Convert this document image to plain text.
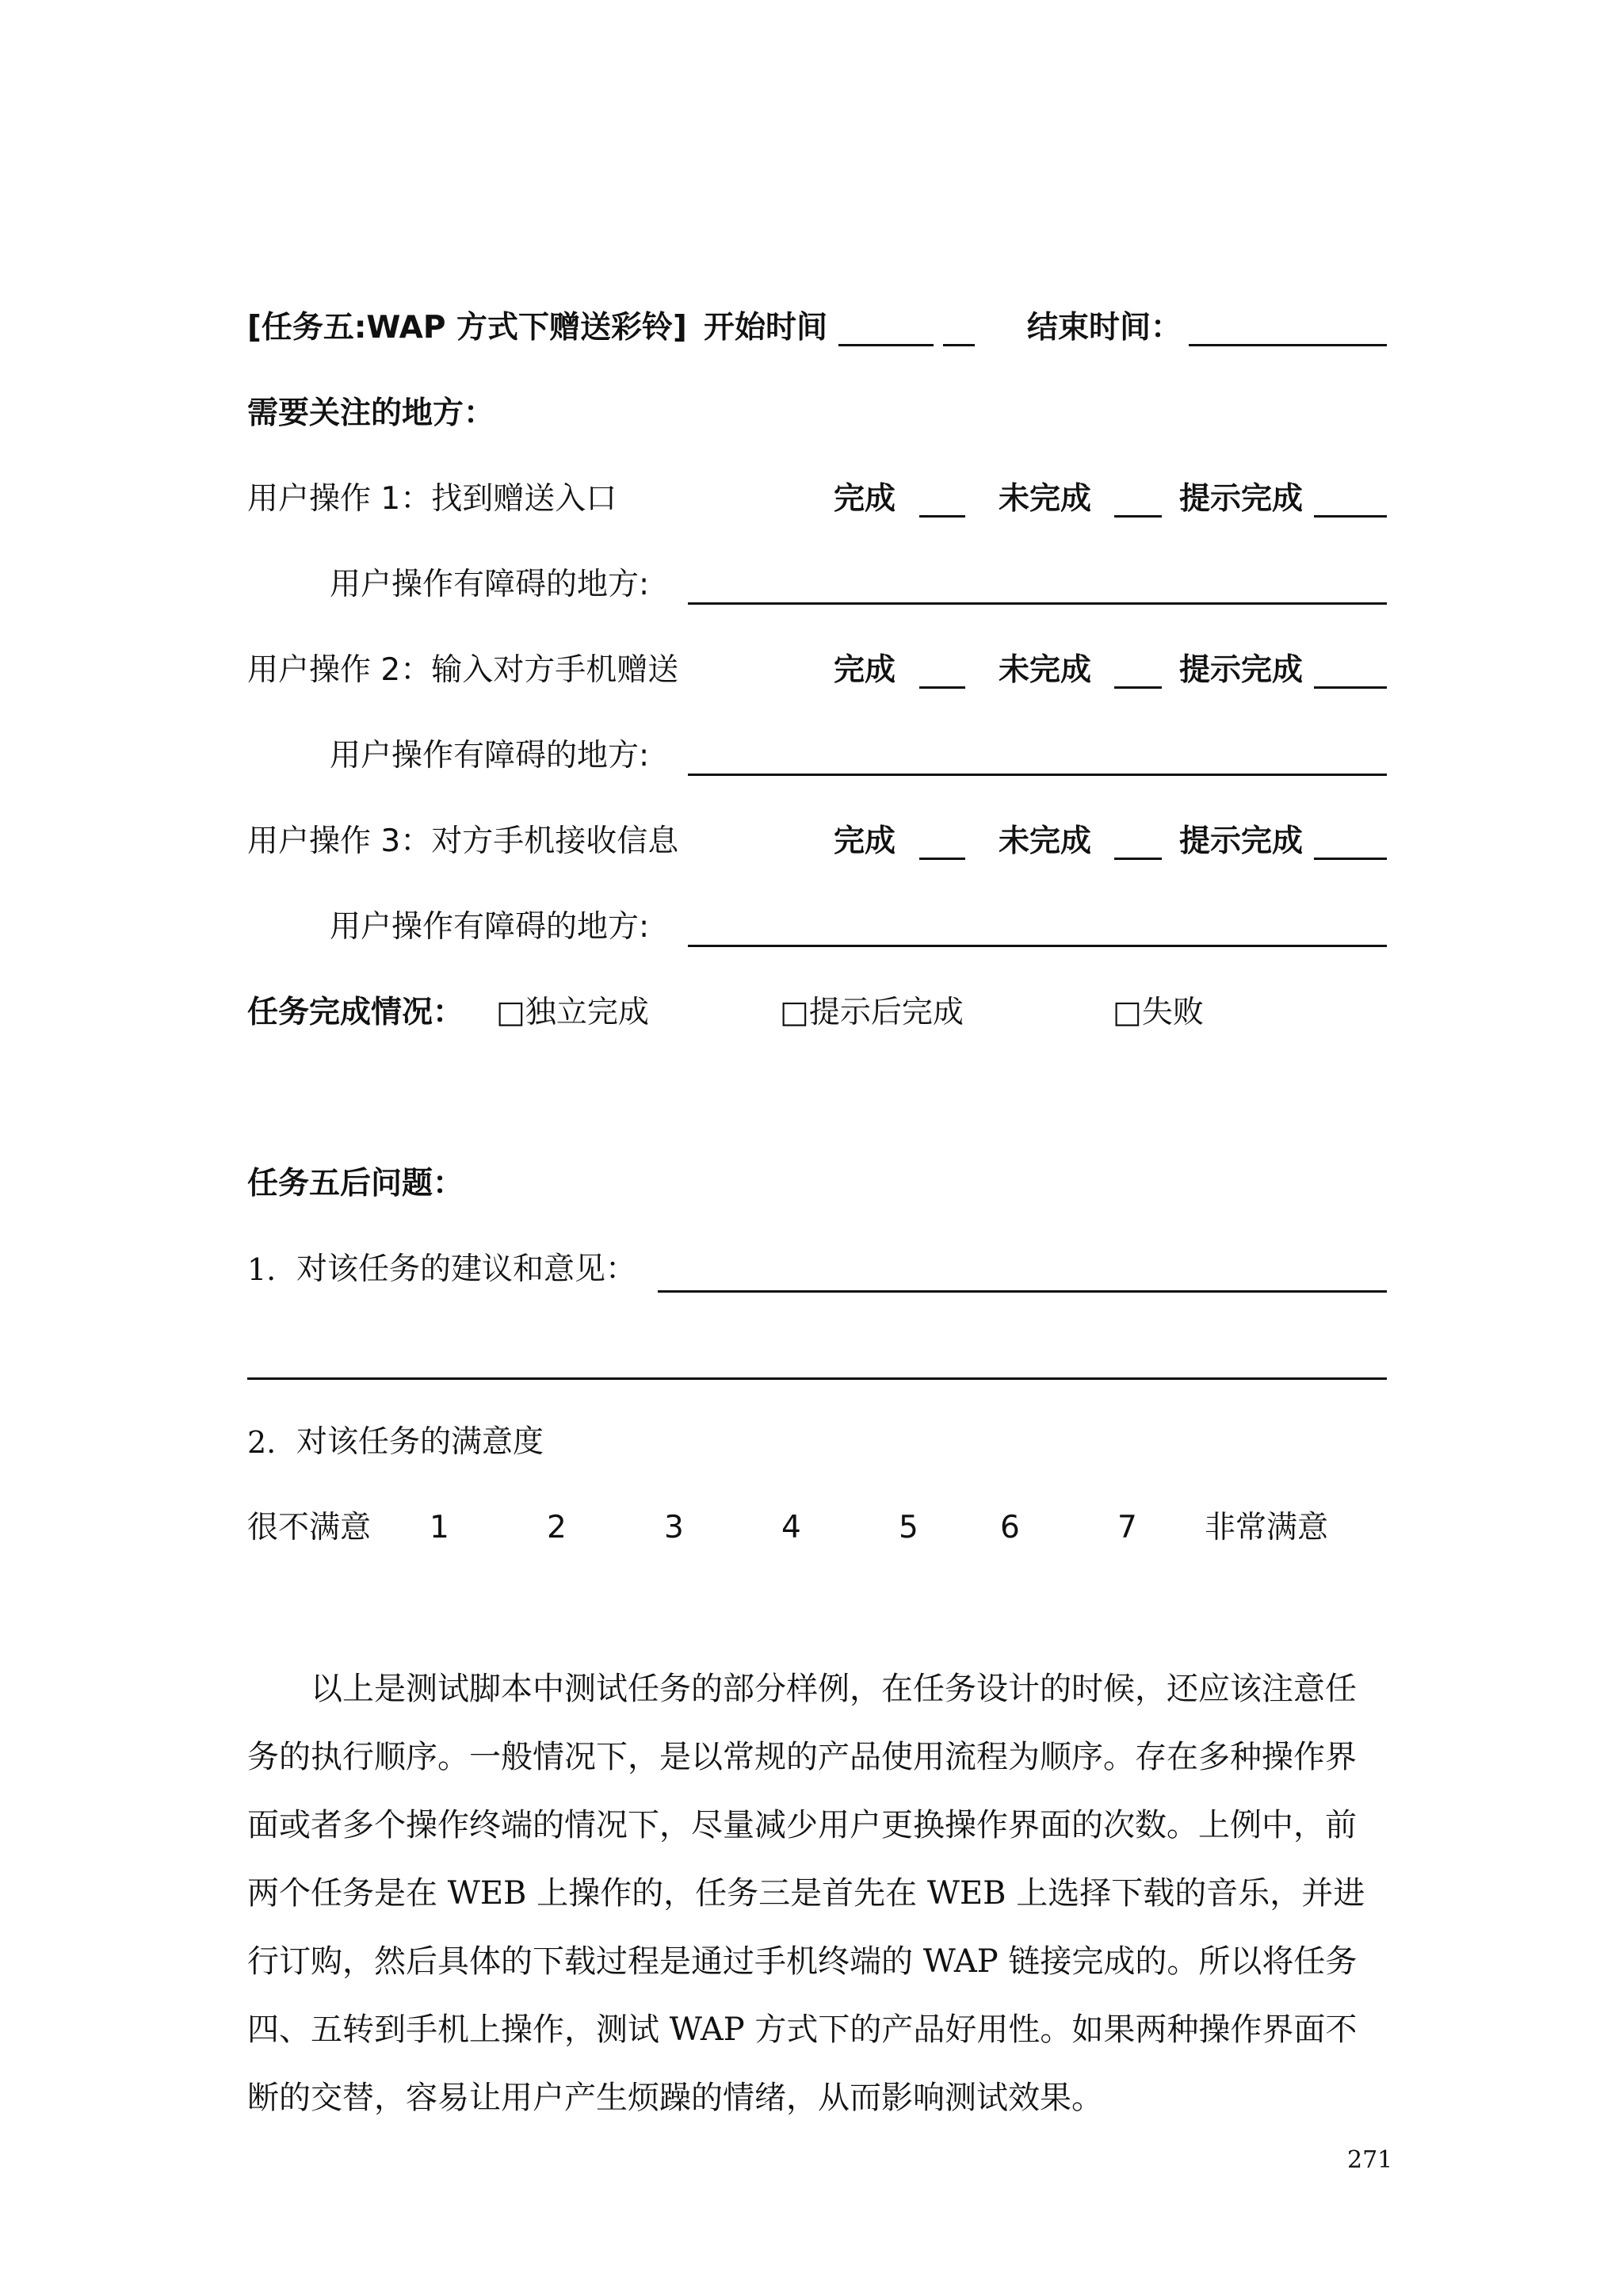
[任务五:WAP 方式下赠送彩铃] 开始时间	结束时间：
需要关注的地方：
用户操作 1：找到赠送入口	完成	未完成	提示完成
用户操作有障碍的地方:
用户操作 2：输入对方手机赠送	完成	未完成	提示完成
用户操作有障碍的地方:
用户操作 3：对方手机接收信息	完成	未完成	提示完成
用户操作有障碍的地方:
任务完成情况： □独立完成	□提示后完成	□失败
任务五后问题：
1. 对该任务的建议和意见：
2. 对该任务的满意度
很不满意 1	2	3	4	5	6	7 非常满意
以上是测试脚本中测试任务的部分样例，在任务设计的时候，还应该注意任
务的执行顺序。一般情况下，是以常规的产品使用流程为顺序。存在多种操作界
面或者多个操作终端的情况下，尽量减少用户更换操作界面的次数。上例中，前
两个任务是在 WEB 上操作的，任务三是首先在 WEB 上选择下载的音乐，并进
行订购，然后具体的下载过程是通过手机终端的 WAP 链接完成的。所以将任务
四、五转到手机上操作，测试 WAP 方式下的产品好用性。如果两种操作界面不
断的交替，容易让用户产生烦躁的情绪，从而影响测试效果。
271
